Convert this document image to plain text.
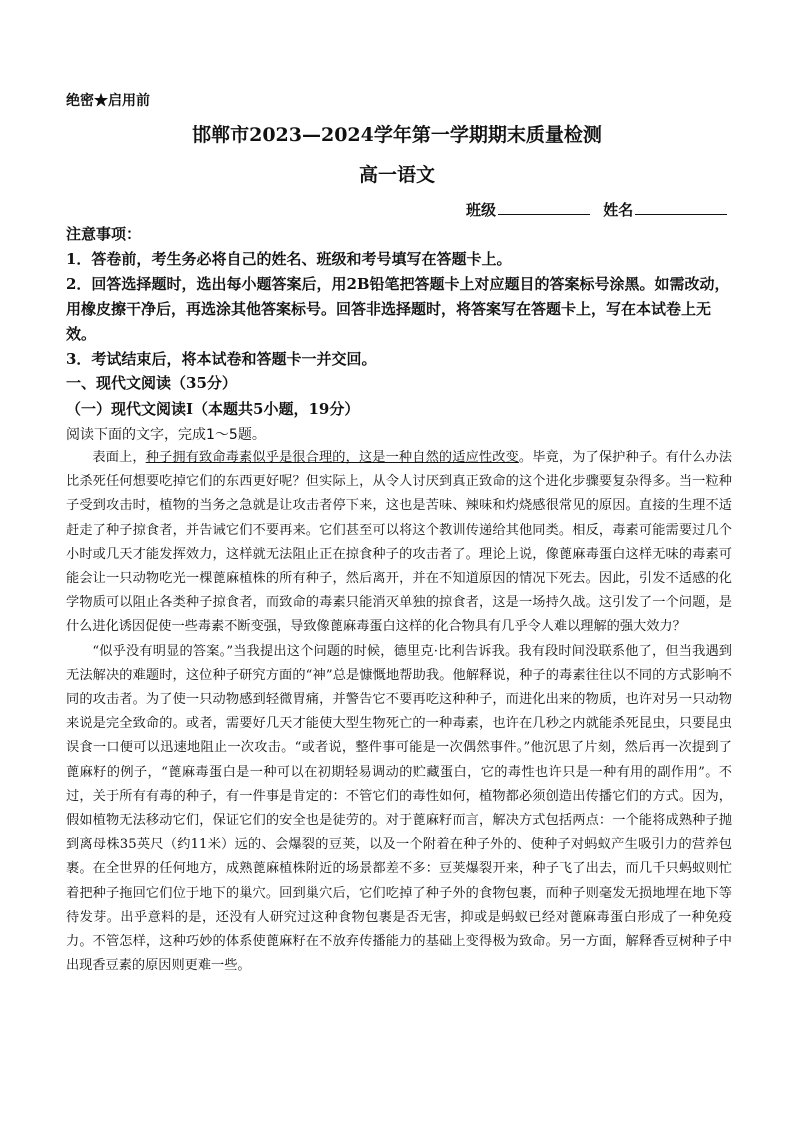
绝密★启用前
邯郸市2023—2024学年第一学期期末质量检测
高一语文
班级	姓名

注意事项：

1．答卷前，考生务必将自己的姓名、班级和考号填写在答题卡上。

2．回答选择题时，选出每小题答案后，用2B铅笔把答题卡上对应题目的答案标号涂黑。如需改动，用橡皮擦干净后，再选涂其他答案标号。回答非选择题时，将答案写在答题卡上，写在本试卷上无效。

3．考试结束后，将本试卷和答题卡一并交回。

一、现代文阅读（35分）
（一）现代文阅读Ⅰ（本题共5小题，19分）
阅读下面的文字，完成1～5题。

表面上，种子拥有致命毒素似乎是很合理的，这是一种自然的适应性改变。毕竟，为了保护种子。有什么办法比杀死任何想要吃掉它们的东西更好呢？但实际上，从令人讨厌到真正致命的这个进化步骤要复杂得多。当一粒种子受到攻击时，植物的当务之急就是让攻击者停下来，这也是苦味、辣味和灼烧感很常见的原因。直接的生理不适赶走了种子掠食者，并告诫它们不要再来。它们甚至可以将这个教训传递给其他同类。相反，毒素可能需要过几个小时或几天才能发挥效力，这样就无法阻止正在掠食种子的攻击者了。理论上说，像蓖麻毒蛋白这样无味的毒素可能会让一只动物吃光一棵蓖麻植株的所有种子，然后离开，并在不知道原因的情况下死去。因此，引发不适感的化学物质可以阻止各类种子掠食者，而致命的毒素只能消灭单独的掠食者，这是一场持久战。这引发了一个问题，是什么进化诱因促使一些毒素不断变强，导致像蓖麻毒蛋白这样的化合物具有几乎令人难以理解的强大效力？

“似乎没有明显的答案。”当我提出这个问题的时候，德里克·比利告诉我。我有段时间没联系他了，但当我遇到无法解决的难题时，这位种子研究方面的“神”总是慷慨地帮助我。他解释说，种子的毒素往往以不同的方式影响不同的攻击者。为了使一只动物感到轻微胃痛，并警告它不要再吃这种种子，而进化出来的物质，也许对另一只动物来说是完全致命的。或者，需要好几天才能使大型生物死亡的一种毒素，也许在几秒之内就能杀死昆虫，只要昆虫误食一口便可以迅速地阻止一次攻击。“或者说，整件事可能是一次偶然事件。”他沉思了片刻，然后再一次提到了蓖麻籽的例子，“蓖麻毒蛋白是一种可以在初期轻易调动的贮藏蛋白，它的毒性也许只是一种有用的副作用”。不过，关于所有有毒的种子，有一件事是肯定的：不管它们的毒性如何，植物都必须创造出传播它们的方式。因为，假如植物无法移动它们，保证它们的安全也是徒劳的。对于蓖麻籽而言，解决方式包括两点：一个能将成熟种子抛到离母株35英尺（约11米）远的、会爆裂的豆荚，以及一个附着在种子外的、使种子对蚂蚁产生吸引力的营养包裹。在全世界的任何地方，成熟蓖麻植株附近的场景都差不多：豆荚爆裂开来，种子飞了出去，而几千只蚂蚁则忙着把种子拖回它们位于地下的巢穴。回到巢穴后，它们吃掉了种子外的食物包裹，而种子则毫发无损地埋在地下等待发芽。出乎意料的是，还没有人研究过这种食物包裹是否无害，抑或是蚂蚁已经对蓖麻毒蛋白形成了一种免疫力。不管怎样，这种巧妙的体系使蓖麻籽在不放弃传播能力的基础上变得极为致命。另一方面，解释香豆树种子中出现香豆素的原因则更难一些。
